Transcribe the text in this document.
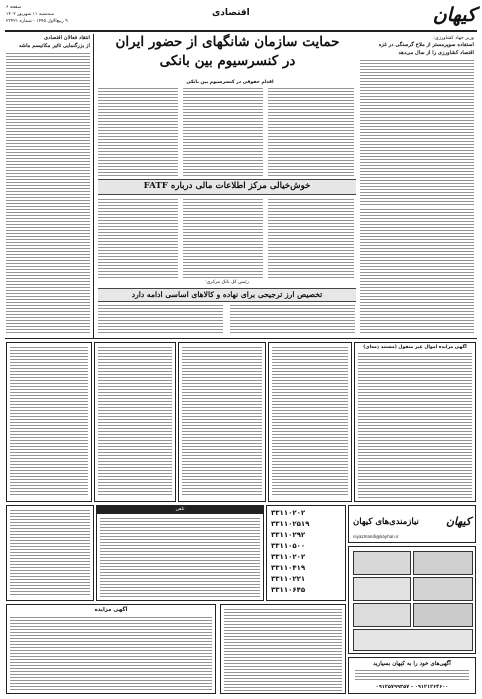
کیهان
اقتصادی
صفحه ۶
سه‌شنبه ۱۱ شهریور ۱۴۰۲
۹ ربیع‌الاول ۱۴۴۵ - شماره ۲۳۴۲۱
وزیر جهاد کشاورزی:
استفاده سوپرمستر از ملاخ گرسنگی در غزه
اقتصاد کشاورزی را از سال می‌دهد
انتقاد فعالان اقتصادی
از بزرگنمایی تاثیر مکانیسم ماشه	حمایت سازمان شانگهای از حضور ایران
در کنسرسیوم بین بانکی
اقدام حقوقی در کنسرسیوم بین بانکی
خوش‌خیالی مرکز اطلاعات مالی درباره FATF
رئیس کل بانک مرکزی:
تخصیص ارز ترجیحی برای نهاده و کالاهای اساسی ادامه دارد
آگهی مزایده اموال غیر منقول (مستند ذمه‌ای)
تلفن	۳۳۱۱۰۲۰۲
۳۳۱۱۰۲۵۱۹
۳۳۱۱۰۲۹۲
۳۳۱۱۰۵۰۰
۳۳۱۱۰۲۰۲
۳۳۱۱۰۴۱۹
۳۳۱۱۰۲۲۱
۳۳۱۱۰۶۴۵
نیازمندی‌های کیهان کیهان
niyazmandi@kayhan.ir
آگهی مزایده
آگهی‌های خود را به کیهان بسپارید
۰۹۱۲۱۲۶۴۶۰۰ - ۰۹۱۲۵۷۹۹۳۵۷
